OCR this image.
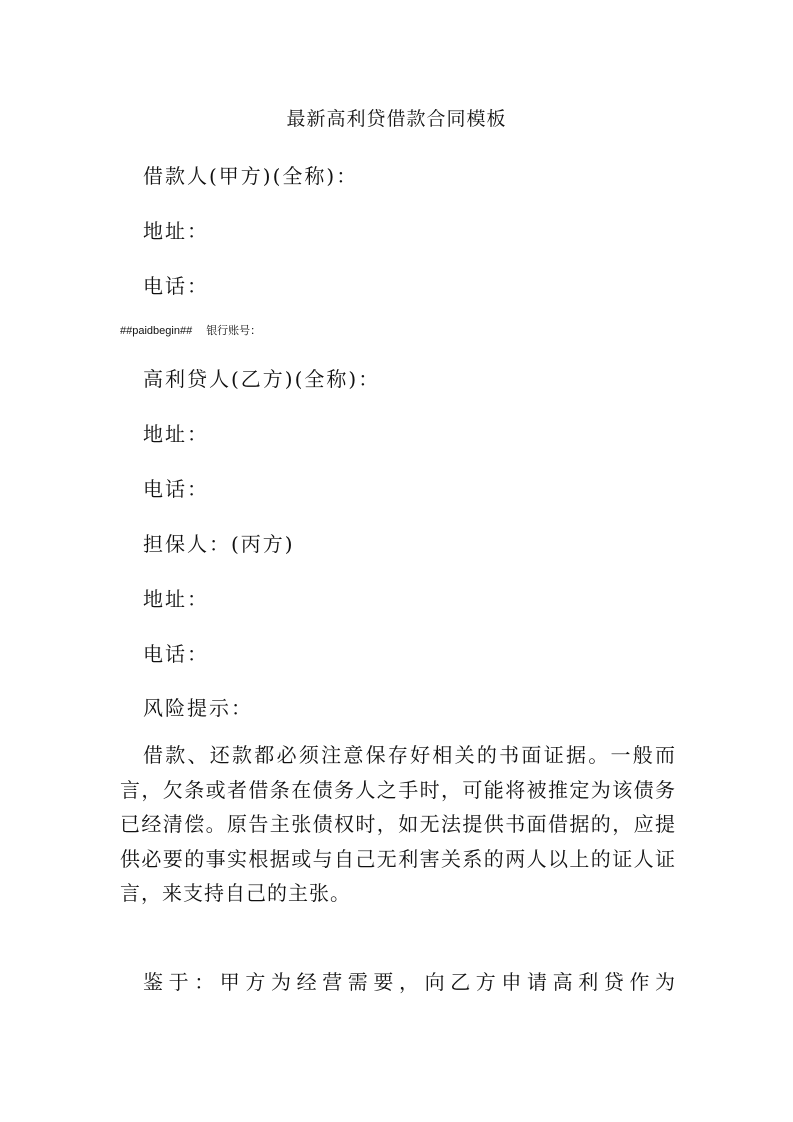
最新高利贷借款合同模板
借款人(甲方)(全称)：
地址：
电话：
##paidbegin## 银行账号：
高利贷人(乙方)(全称)：
地址：
电话：
担保人：(丙方)
地址：
电话：
风险提示：
借款、还款都必须注意保存好相关的书面证据。一般而言，欠条或者借条在债务人之手时，可能将被推定为该债务已经清偿。原告主张债权时，如无法提供书面借据的，应提供必要的事实根据或与自己无利害关系的两人以上的证人证言，来支持自己的主张。
鉴于：甲方为经营需要，向乙方申请高利贷作为
